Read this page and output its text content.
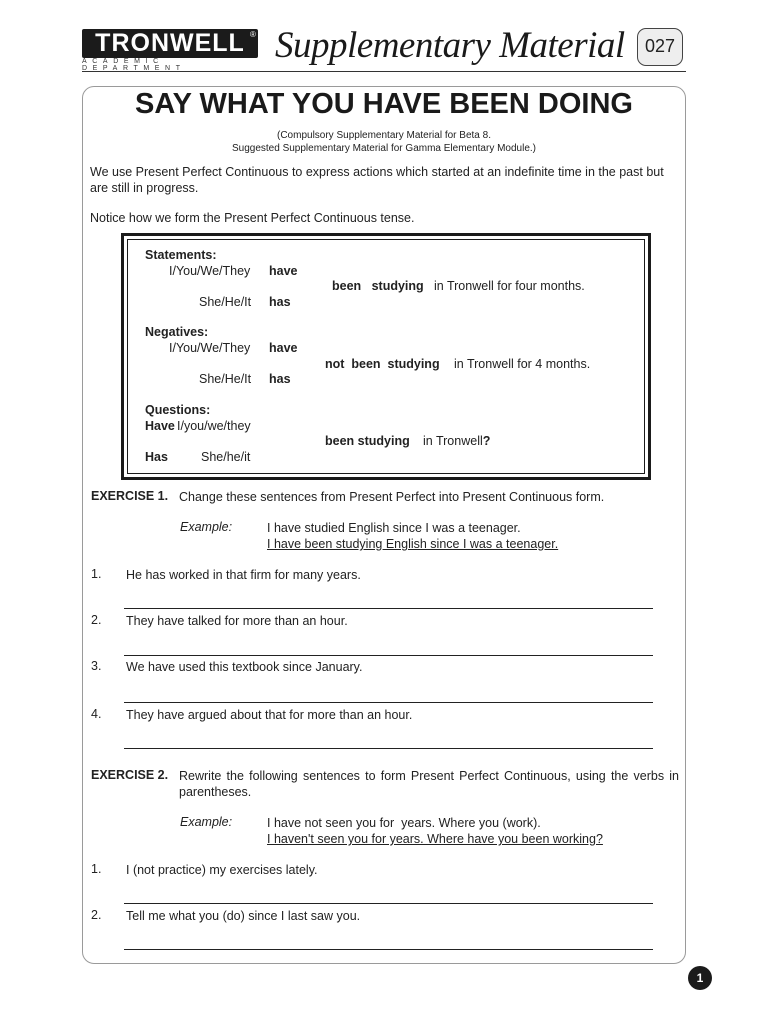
TRONWELL ®
ACADEMIC DEPARTMENT
Supplementary Material	027
SAY WHAT YOU HAVE BEEN DOING
(Compulsory Supplementary Material for Beta 8.
Suggested Supplementary Material for Gamma Elementary Module.)
We use Present Perfect Continuous to express actions which started at an indefinite time in the past but are still in progress.
Notice how we form the Present Perfect Continuous tense.
Statements:
I/You/We/They have
been   studying in Tronwell for four months.
She/He/It has
Negatives:
I/You/We/They have
not  been  studying in Tronwell for 4 months.
She/He/It has
Questions:
Have I/you/we/they
been studying in Tronwell?
Has	She/he/it
EXERCISE 1. Change these sentences from Present Perfect into Present Continuous form.
Example:	I have studied English since I was a teenager.
I have been studying English since I was a teenager.
1. He has worked in that firm for many years.
2. They have talked for more than an hour.
3. We have used this textbook since January.
4. They have argued about that for more than an hour.
EXERCISE 2. Rewrite the following sentences to form Present Perfect Continuous, using the verbs in parentheses.
Example:	I have not seen you for  years. Where you (work).
I haven't seen you for years. Where have you been working?
1. I (not practice) my exercises lately.
2. Tell me what you (do) since I last saw you.
1
